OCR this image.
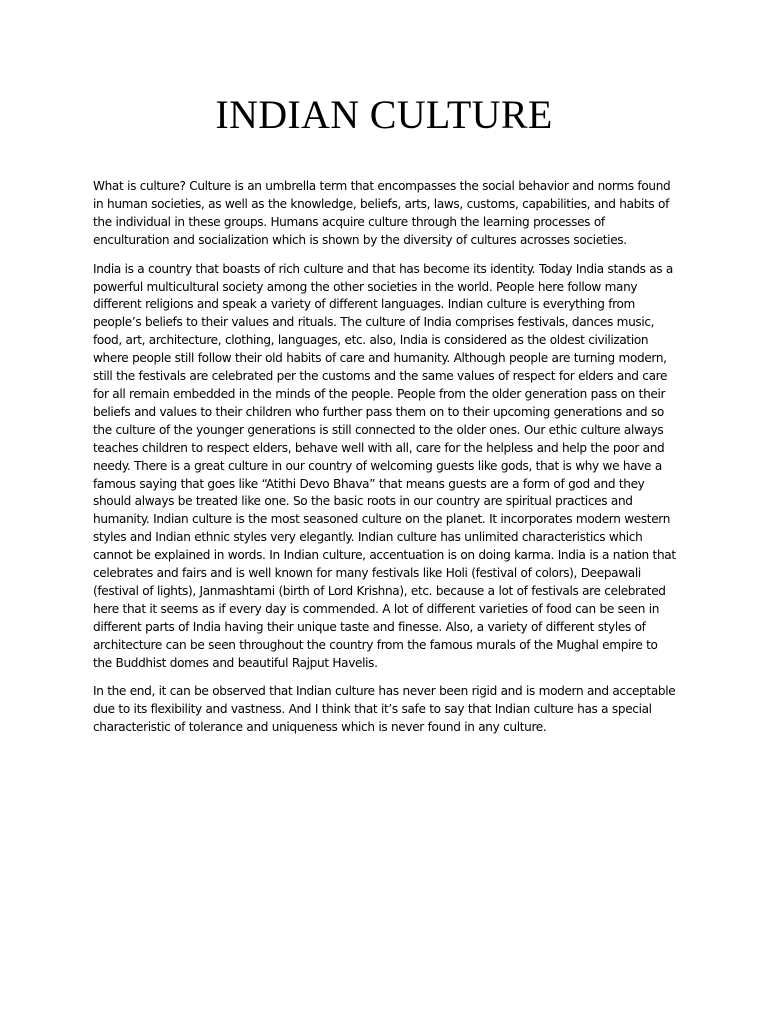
INDIAN CULTURE

What is culture? Culture is an umbrella term that encompasses the social behavior and norms found in human societies, as well as the knowledge, beliefs, arts, laws, customs, capabilities, and habits of the individual in these groups. Humans acquire culture through the learning processes of enculturation and socialization which is shown by the diversity of cultures acrosses societies.

India is a country that boasts of rich culture and that has become its identity. Today India stands as a powerful multicultural society among the other societies in the world. People here follow many different religions and speak a variety of different languages. Indian culture is everything from people’s beliefs to their values and rituals. The culture of India comprises festivals, dances music, food, art, architecture, clothing, languages, etc. also, India is considered as the oldest civilization where people still follow their old habits of care and humanity. Although people are turning modern, still the festivals are celebrated per the customs and the same values of respect for elders and care for all remain embedded in the minds of the people. People from the older generation pass on their beliefs and values to their children who further pass them on to their upcoming generations and so the culture of the younger generations is still connected to the older ones. Our ethic culture always teaches children to respect elders, behave well with all, care for the helpless and help the poor and needy. There is a great culture in our country of welcoming guests like gods, that is why we have a famous saying that goes like “Atithi Devo Bhava” that means guests are a form of god and they should always be treated like one. So the basic roots in our country are spiritual practices and humanity. Indian culture is the most seasoned culture on the planet. It incorporates modern western styles and Indian ethnic styles very elegantly. Indian culture has unlimited characteristics which cannot be explained in words. In Indian culture, accentuation is on doing karma. India is a nation that celebrates and fairs and is well known for many festivals like Holi (festival of colors), Deepawali (festival of lights), Janmashtami (birth of Lord Krishna), etc. because a lot of festivals are celebrated here that it seems as if every day is commended. A lot of different varieties of food can be seen in different parts of India having their unique taste and finesse. Also, a variety of different styles of architecture can be seen throughout the country from the famous murals of the Mughal empire to the Buddhist domes and beautiful Rajput Havelis.

In the end, it can be observed that Indian culture has never been rigid and is modern and acceptable due to its flexibility and vastness. And I think that it’s safe to say that Indian culture has a special characteristic of tolerance and uniqueness which is never found in any culture.
